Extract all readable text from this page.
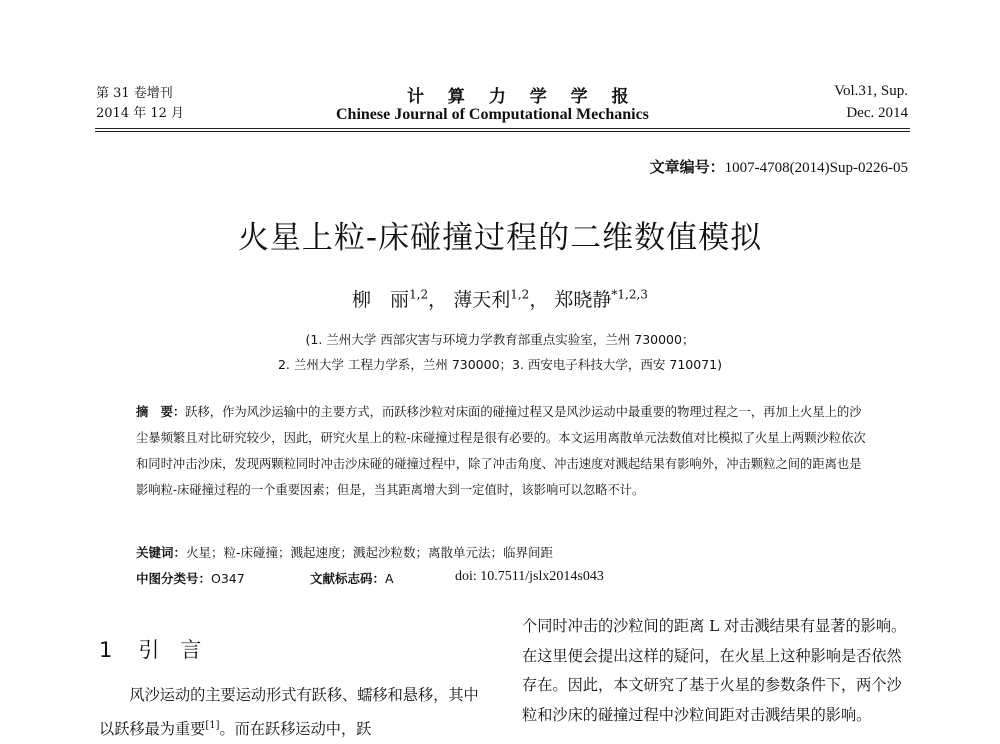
第 31 卷增刊
2014 年 12 月
计 算 力 学 学 报
Chinese Journal of Computational Mechanics
Vol.31, Sup.
Dec. 2014
文章编号：1007-4708(2014)Sup-0226-05
火星上粒-床碰撞过程的二维数值模拟
柳　丽$^{1,2}$， 薄天利$^{1,2}$， 郑晓静$^{*1,2,3}$
(1. 兰州大学 西部灾害与环境力学教育部重点实验室，兰州 730000；
2. 兰州大学 工程力学系，兰州 730000；3. 西安电子科技大学，西安 710071)
摘　要：跃移，作为风沙运输中的主要方式，而跃移沙粒对床面的碰撞过程又是风沙运动中最重要的物理过程之一，再加上火星上的沙尘暴频繁且对比研究较少，因此，研究火星上的粒-床碰撞过程是很有必要的。本文运用离散单元法数值对比模拟了火星上两颗沙粒依次和同时冲击沙床，发现两颗粒同时冲击沙床碰的碰撞过程中，除了冲击角度、冲击速度对溅起结果有影响外，冲击颗粒之间的距离也是影响粒-床碰撞过程的一个重要因素；但是，当其距离增大到一定值时，该影响可以忽略不计。
关键词：火星；粒-床碰撞；溅起速度；溅起沙粒数；离散单元法；临界间距
中图分类号：O347	文献标志码：A	doi: 10.7511/jslx2014s043
1 引　言
　　风沙运动的主要运动形式有跃移、蠕移和悬移，其中以跃移最为重要[1]。而在跃移运动中，跃
个同时冲击的沙粒间的距离 L 对击溅结果有显著的影响。在这里便会提出这样的疑问，在火星上这种影响是否依然存在。因此，本文研究了基于火星的参数条件下，两个沙粒和沙床的碰撞过程中沙粒间距对击溅结果的影响。
